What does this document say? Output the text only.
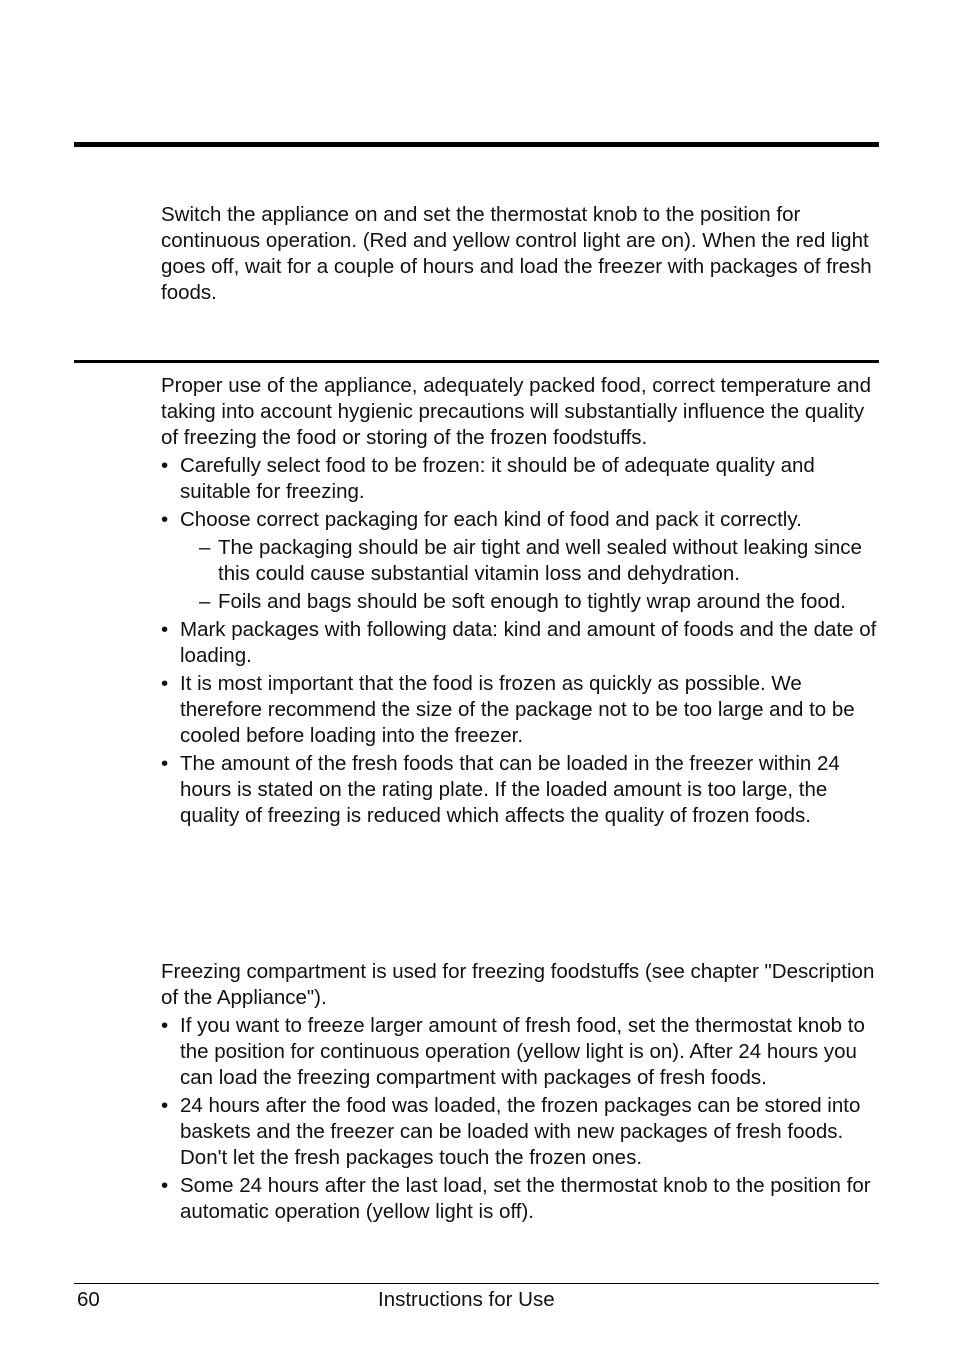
Switch the appliance on and set the thermostat knob to the position for continuous operation. (Red and yellow control light are on). When the red light goes off, wait for a couple of hours and load the freezer with packages of fresh foods.

Proper use of the appliance, adequately packed food, correct temperature and taking into account hygienic precautions will substantially influence the quality of freezing the food or storing of the frozen foodstuffs.

• Carefully select food to be frozen: it should be of adequate quality and suitable for freezing.
• Choose correct packaging for each kind of food and pack it correctly.
– The packaging should be air tight and well sealed without leaking since this could cause substantial vitamin loss and dehydration.
– Foils and bags should be soft enough to tightly wrap around the food.
• Mark packages with following data: kind and amount of foods and the date of loading.
• It is most important that the food is frozen as quickly as possible. We therefore recommend the size of the package not to be too large and to be cooled before loading into the freezer.
• The amount of the fresh foods that can be loaded in the freezer within 24 hours is stated on the rating plate. If the loaded amount is too large, the quality of freezing is reduced which affects the quality of frozen foods.

Freezing compartment is used for freezing foodstuffs (see chapter "Description of the Appliance").

• If you want to freeze larger amount of fresh food, set the thermostat knob to the position for continuous operation (yellow light is on). After 24 hours you can load the freezing compartment with packages of fresh foods.
• 24 hours after the food was loaded, the frozen packages can be stored into baskets and the freezer can be loaded with new packages of fresh foods. Don't let the fresh packages touch the frozen ones.
• Some 24 hours after the last load, set the thermostat knob to the position for automatic operation (yellow light is off).
60	Instructions for Use
